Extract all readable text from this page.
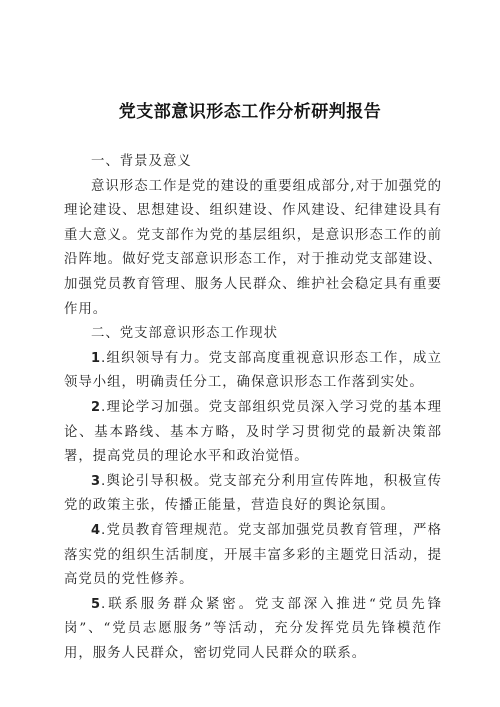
党支部意识形态工作分析研判报告

一、背景及意义

意识形态工作是党的建设的重要组成部分,对于加强党的理论建设、思想建设、组织建设、作风建设、纪律建设具有重大意义。党支部作为党的基层组织，是意识形态工作的前沿阵地。做好党支部意识形态工作，对于推动党支部建设、加强党员教育管理、服务人民群众、维护社会稳定具有重要作用。

二、党支部意识形态工作现状

1.组织领导有力。党支部高度重视意识形态工作，成立领导小组，明确责任分工，确保意识形态工作落到实处。

2.理论学习加强。党支部组织党员深入学习党的基本理论、基本路线、基本方略，及时学习贯彻党的最新决策部署，提高党员的理论水平和政治觉悟。

3.舆论引导积极。党支部充分利用宣传阵地，积极宣传党的政策主张，传播正能量，营造良好的舆论氛围。

4.党员教育管理规范。党支部加强党员教育管理，严格落实党的组织生活制度，开展丰富多彩的主题党日活动，提高党员的党性修养。

5.联系服务群众紧密。党支部深入推进“党员先锋岗”、“党员志愿服务”等活动，充分发挥党员先锋模范作用，服务人民群众，密切党同人民群众的联系。
